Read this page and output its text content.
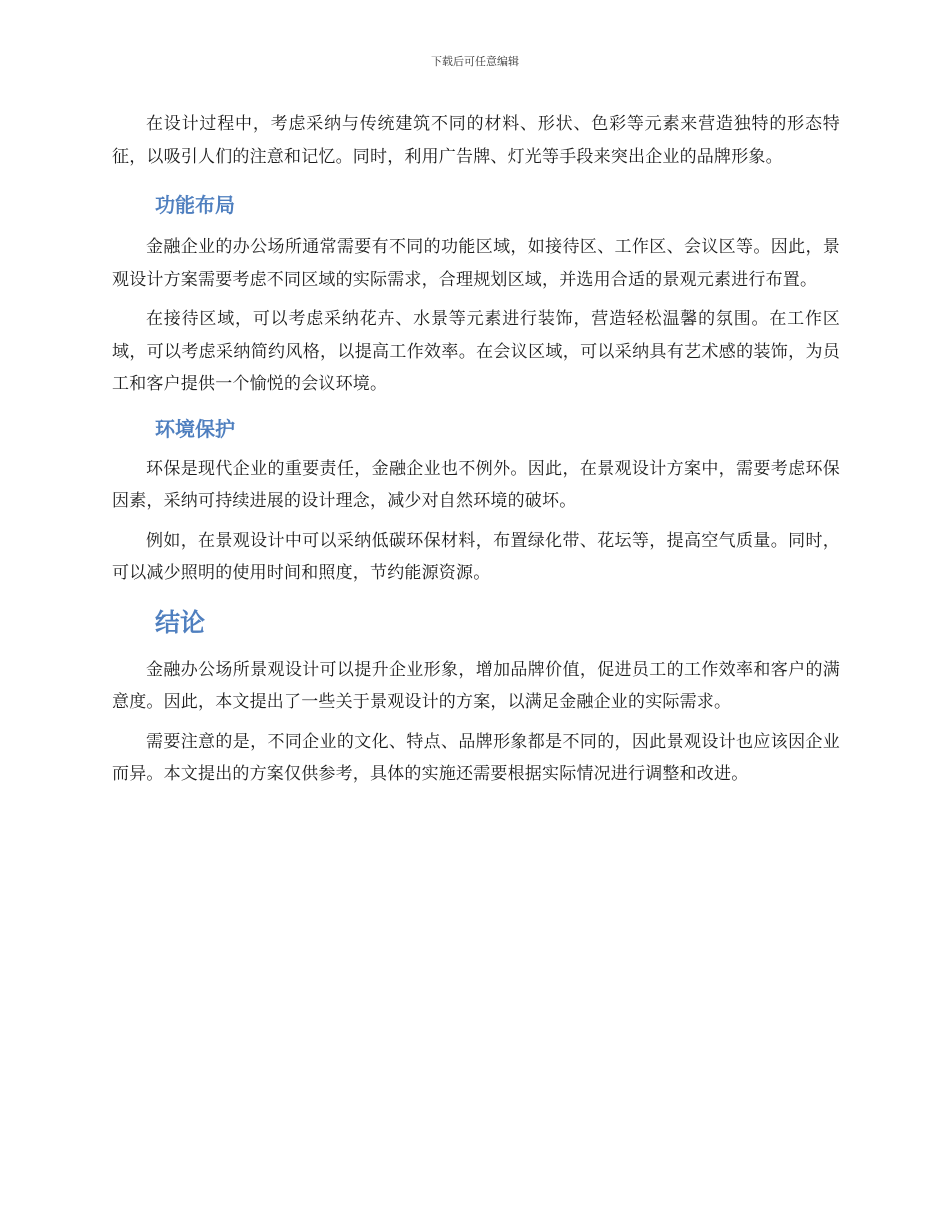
下载后可任意编辑

在设计过程中，考虑采纳与传统建筑不同的材料、形状、色彩等元素来营造独特的形态特征，以吸引人们的注意和记忆。同时，利用广告牌、灯光等手段来突出企业的品牌形象。

功能布局

金融企业的办公场所通常需要有不同的功能区域，如接待区、工作区、会议区等。因此，景观设计方案需要考虑不同区域的实际需求，合理规划区域，并选用合适的景观元素进行布置。

在接待区域，可以考虑采纳花卉、水景等元素进行装饰，营造轻松温馨的氛围。在工作区域，可以考虑采纳简约风格，以提高工作效率。在会议区域，可以采纳具有艺术感的装饰，为员工和客户提供一个愉悦的会议环境。

环境保护

环保是现代企业的重要责任，金融企业也不例外。因此，在景观设计方案中，需要考虑环保因素，采纳可持续进展的设计理念，减少对自然环境的破坏。

例如，在景观设计中可以采纳低碳环保材料，布置绿化带、花坛等，提高空气质量。同时，可以减少照明的使用时间和照度，节约能源资源。

结论

金融办公场所景观设计可以提升企业形象，增加品牌价值，促进员工的工作效率和客户的满意度。因此，本文提出了一些关于景观设计的方案，以满足金融企业的实际需求。

需要注意的是，不同企业的文化、特点、品牌形象都是不同的，因此景观设计也应该因企业而异。本文提出的方案仅供参考，具体的实施还需要根据实际情况进行调整和改进。
